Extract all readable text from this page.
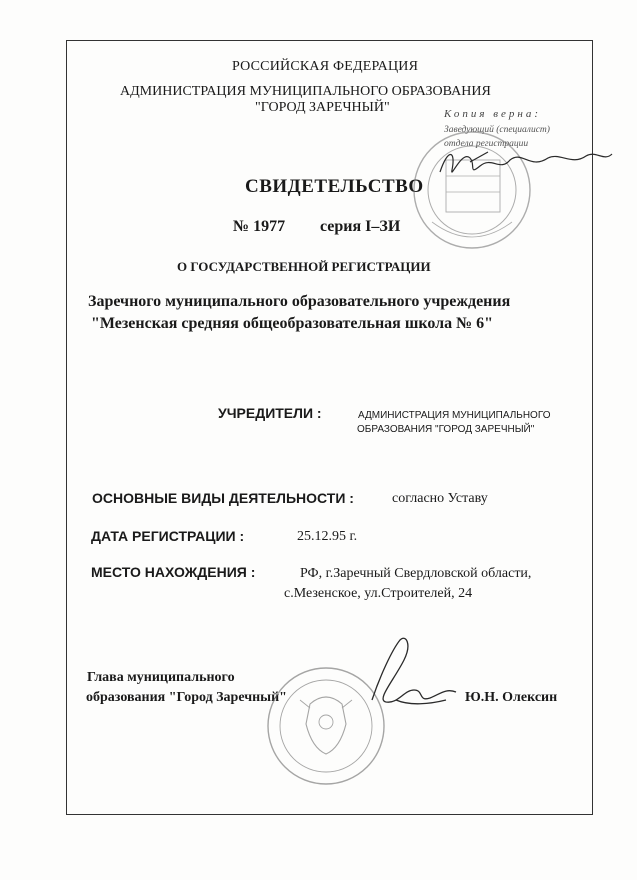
РОССИЙСКАЯ ФЕДЕРАЦИЯ
АДМИНИСТРАЦИЯ МУНИЦИПАЛЬНОГО ОБРАЗОВАНИЯ
"ГОРОД ЗАРЕЧНЫЙ"	Копия верна:
Заведующий (специалист)
отдела регистрации
СВИДЕТЕЛЬСТВО
№ 1977 серия I–ЗИ
О ГОСУДАРСТВЕННОЙ РЕГИСТРАЦИИ
Заречного муниципального образовательного учреждения
"Мезенская средняя общеобразовательная школа № 6"
УЧРЕДИТЕЛИ :	АДМИНИСТРАЦИЯ МУНИЦИПАЛЬНОГО
ОБРАЗОВАНИЯ "ГОРОД ЗАРЕЧНЫЙ"
ОСНОВНЫЕ ВИДЫ ДЕЯТЕЛЬНОСТИ :	согласно Уставу
ДАТА РЕГИСТРАЦИИ :	25.12.95 г.
МЕСТО НАХОЖДЕНИЯ :	РФ, г.Заречный Свердловской области,
с.Мезенское, ул.Строителей, 24
Глава муниципального
образования "Город Заречный"	Ю.Н. Олексин
